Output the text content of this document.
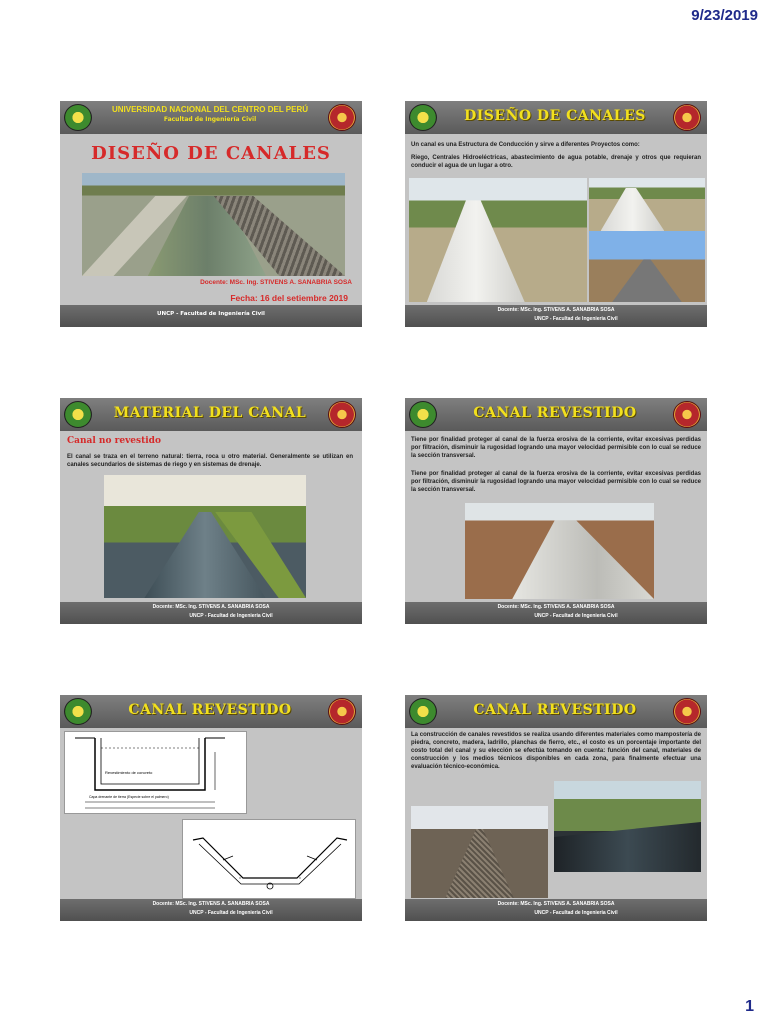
9/23/2019
UNIVERSIDAD NACIONAL DEL CENTRO DEL PERÚ
Facultad de Ingeniería Civil
DISEÑO DE CANALES
Docente: MSc. Ing. STIVENS A. SANABRIA SOSA
Fecha: 16 del setiembre 2019
UNCP - Facultad de Ingeniería Civil
DISEÑO DE CANALES
Un canal es una Estructura de Conducción y sirve a diferentes Proyectos como:
Riego, Centrales Hidroeléctricas, abastecimiento de agua potable, drenaje y otros que requieran conducir el agua de un lugar a otro.
Docente: MSc. Ing. STIVENS A. SANABRIA SOSA
UNCP - Facultad de Ingenieria Civil
MATERIAL DEL CANAL
Canal no revestido
El canal se traza en el terreno natural: tierra, roca u otro material. Generalmente se utilizan en canales secundarios de sistemas de riego y en sistemas de drenaje.
Docente: MSc. Ing. STIVENS A. SANABRIA SOSA
UNCP - Facultad de Ingenieria Civil
CANAL REVESTIDO
Tiene por finalidad proteger al canal de la fuerza erosiva de la corriente, evitar excesivas perdidas por filtración, disminuir la rugosidad logrando una mayor velocidad permisible con lo cual se reduce la sección transversal.
Tiene por finalidad proteger al canal de la fuerza erosiva de la corriente, evitar excesivas perdidas por filtración, disminuir la rugosidad logrando una mayor velocidad permisible con lo cual se reduce la sección transversal.
Docente: MSc. Ing. STIVENS A. SANABRIA SOSA
UNCP - Facultad de Ingenieria Civil
CANAL REVESTIDO
Revestimiento de concreto
Capa drenante de tierra (Especie sobre el palmero)
Docente: MSc. Ing. STIVENS A. SANABRIA SOSA
UNCP - Facultad de Ingenieria Civil
CANAL REVESTIDO
La construcción de canales revestidos se realiza usando diferentes materiales como mampostería de piedra, concreto, madera, ladrillo, planchas de fierro, etc., el costo es un porcentaje importante del costo total del canal y su elección se efectúa tomando en cuenta: función del canal, materiales de construcción y los medios técnicos disponibles en cada zona, para finalmente efectuar una evaluación técnico-económica.
Docente: MSc. Ing. STIVENS A. SANABRIA SOSA
UNCP - Facultad de Ingenieria Civil
1
